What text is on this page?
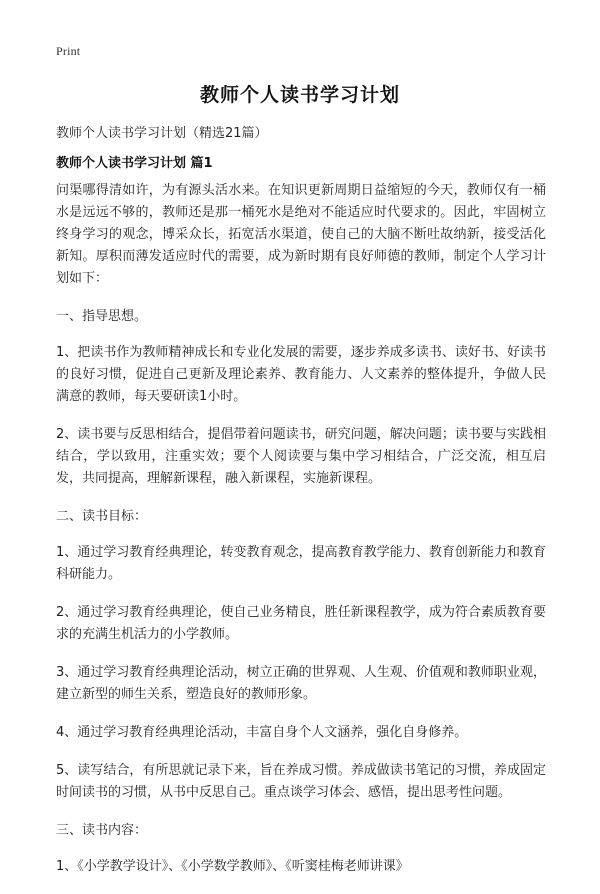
Print
教师个人读书学习计划
教师个人读书学习计划（精选21篇）
教师个人读书学习计划 篇1

问渠哪得清如许，为有源头活水来。在知识更新周期日益缩短的今天，教师仅有一桶水是远远不够的，教师还是那一桶死水是绝对不能适应时代要求的。因此，牢固树立终身学习的观念，博采众长，拓宽活水渠道，使自己的大脑不断吐故纳新，接受活化新知。厚积而薄发适应时代的需要，成为新时期有良好师德的教师，制定个人学习计划如下：

一、指导思想。

1、把读书作为教师精神成长和专业化发展的需要，逐步养成多读书、读好书、好读书的良好习惯，促进自己更新及理论素养、教育能力、人文素养的整体提升，争做人民满意的教师，每天要研读1小时。

2、读书要与反思相结合，提倡带着问题读书，研究问题，解决问题；读书要与实践相结合，学以致用，注重实效；要个人阅读要与集中学习相结合，广泛交流，相互启发，共同提高，理解新课程，融入新课程，实施新课程。

二、读书目标：

1、通过学习教育经典理论，转变教育观念，提高教育教学能力、教育创新能力和教育科研能力。

2、通过学习教育经典理论，使自己业务精良，胜任新课程教学，成为符合素质教育要求的充满生机活力的小学教师。

3、通过学习教育经典理论活动，树立正确的世界观、人生观、价值观和教师职业观，建立新型的师生关系，塑造良好的教师形象。

4、通过学习教育经典理论活动，丰富自身个人文涵养，强化自身修养。

5、读写结合，有所思就记录下来，旨在养成习惯。养成做读书笔记的习惯，养成固定时间读书的习惯，从书中反思自己。重点谈学习体会、感悟，提出思考性问题。

三、读书内容：

1、《小学教学设计》、《小学数学教师》、《听窦桂梅老师讲课》
